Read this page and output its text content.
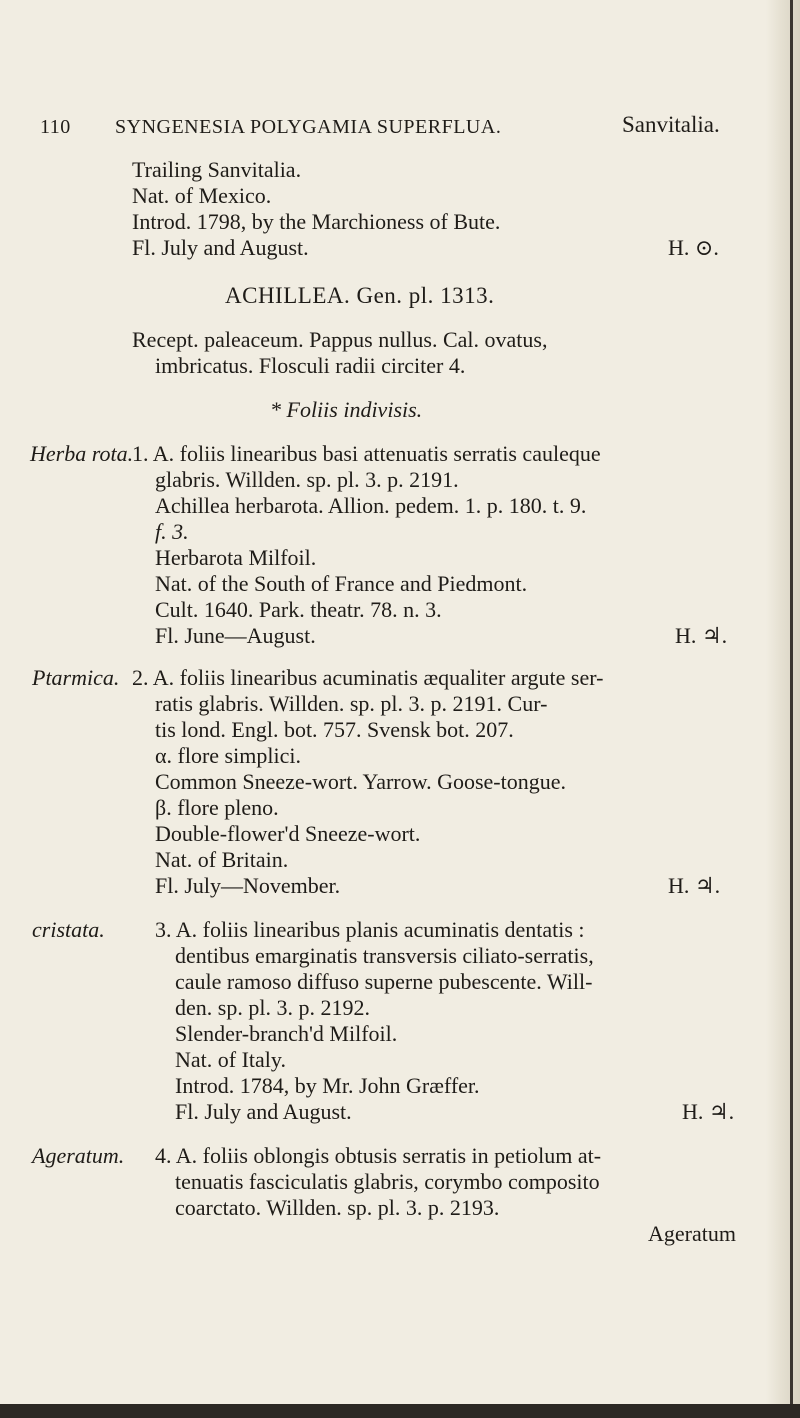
110 SYNGENESIA POLYGAMIA SUPERFLUA.	Sanvitalia.
Trailing Sanvitalia.
Nat. of Mexico.
Introd. 1798, by the Marchioness of Bute.
Fl. July and August.	H. ⊙.
ACHILLEA. Gen. pl. 1313.
Recept. paleaceum. Pappus nullus. Cal. ovatus,
imbricatus. Flosculi radii circiter 4.
* Foliis indivisis.
Herba rota.
1. A. foliis linearibus basi attenuatis serratis cauleque
glabris. Willden. sp. pl. 3. p. 2191.
Achillea herbarota. Allion. pedem. 1. p. 180. t. 9.
f. 3.
Herbarota Milfoil.
Nat. of the South of France and Piedmont.
Cult. 1640. Park. theatr. 78. n. 3.
Fl. June—August.	H. ♃.
Ptarmica. 2. A. foliis linearibus acuminatis æqualiter argute ser-
ratis glabris. Willden. sp. pl. 3. p. 2191. Cur-
tis lond. Engl. bot. 757. Svensk bot. 207.
α. flore simplici.
Common Sneeze-wort. Yarrow. Goose-tongue.
β. flore pleno.
Double-flower'd Sneeze-wort.
Nat. of Britain.
Fl. July—November.	H. ♃.
cristata. 3. A. foliis linearibus planis acuminatis dentatis :
dentibus emarginatis transversis ciliato-serratis,
caule ramoso diffuso superne pubescente. Will-
den. sp. pl. 3. p. 2192.
Slender-branch'd Milfoil.
Nat. of Italy.
Introd. 1784, by Mr. John Græffer.
Fl. July and August.	H. ♃.
Ageratum. 4. A. foliis oblongis obtusis serratis in petiolum at-
tenuatis fasciculatis glabris, corymbo composito
coarctato. Willden. sp. pl. 3. p. 2193.
Ageratum
